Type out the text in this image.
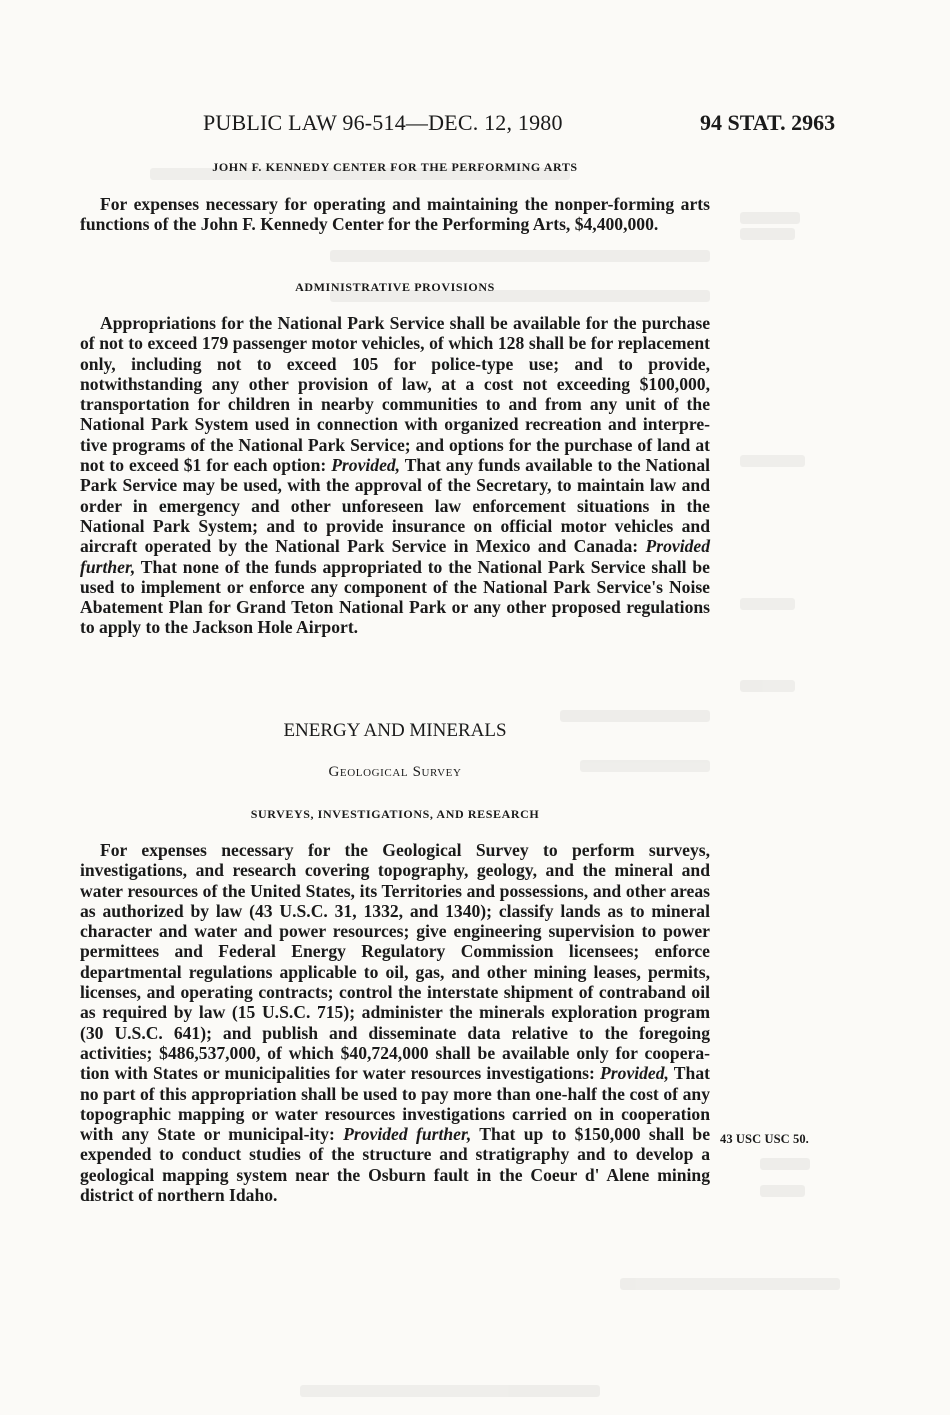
PUBLIC LAW 96-514—DEC. 12, 1980	94 STAT. 2963
JOHN F. KENNEDY CENTER FOR THE PERFORMING ARTS
For expenses necessary for operating and maintaining the nonper-forming arts functions of the John F. Kennedy Center for the Performing Arts, $4,400,000.
ADMINISTRATIVE PROVISIONS
Appropriations for the National Park Service shall be available for the purchase of not to exceed 179 passenger motor vehicles, of which 128 shall be for replacement only, including not to exceed 105 for police-type use; and to provide, notwithstanding any other provision of law, at a cost not exceeding $100,000, transportation for children in nearby communities to and from any unit of the National Park System used in connection with organized recreation and interpre-tive programs of the National Park Service; and options for the purchase of land at not to exceed $1 for each option: Provided, That any funds available to the National Park Service may be used, with the approval of the Secretary, to maintain law and order in emergency and other unforeseen law enforcement situations in the National Park System; and to provide insurance on official motor vehicles and aircraft operated by the National Park Service in Mexico and Canada: Provided further, That none of the funds appropriated to the National Park Service shall be used to implement or enforce any component of the National Park Service's Noise Abatement Plan for Grand Teton National Park or any other proposed regulations to apply to the Jackson Hole Airport.
ENERGY AND MINERALS
Geological Survey
SURVEYS, INVESTIGATIONS, AND RESEARCH
For expenses necessary for the Geological Survey to perform surveys, investigations, and research covering topography, geology, and the mineral and water resources of the United States, its Territories and possessions, and other areas as authorized by law (43 U.S.C. 31, 1332, and 1340); classify lands as to mineral character and water and power resources; give engineering supervision to power permittees and Federal Energy Regulatory Commission licensees; enforce departmental regulations applicable to oil, gas, and other mining leases, permits, licenses, and operating contracts; control the interstate shipment of contraband oil as required by law (15 U.S.C. 715); administer the minerals exploration program (30 U.S.C. 641); and publish and disseminate data relative to the foregoing activities; $486,537,000, of which $40,724,000 shall be available only for coopera-tion with States or municipalities for water resources investigations: Provided, That no part of this appropriation shall be used to pay more than one-half the cost of any topographic mapping or water resources investigations carried on in cooperation with any State or municipal-ity: Provided further, That up to $150,000 shall be expended to conduct studies of the structure and stratigraphy and to develop a geological mapping system near the Osburn fault in the Coeur d' Alene mining district of northern Idaho.
43 USC USC 50.
